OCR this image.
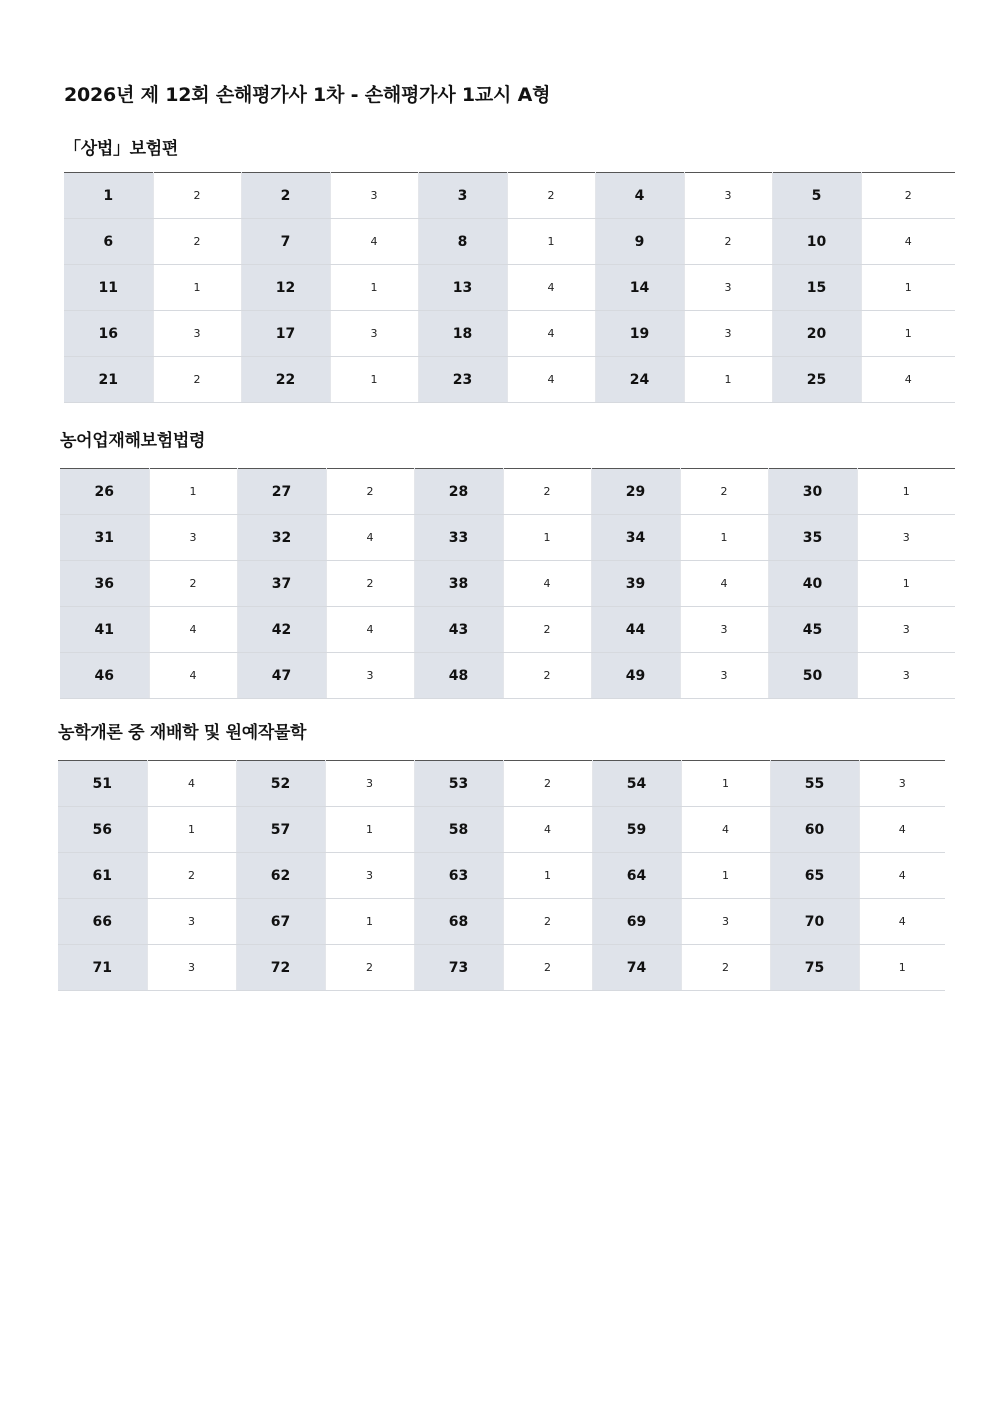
2026년 제 12회 손해평가사 1차 - 손해평가사 1교시 A형
「상법」보험편
1	2	2	3	3	2	4	3	5	2
6	2	7	4	8	1	9	2	10	4
11	1	12	1	13	4	14	3	15	1
16	3	17	3	18	4	19	3	20	1
21	2	22	1	23	4	24	1	25	4
농어업재해보험법령
26	1	27	2	28	2	29	2	30	1
31	3	32	4	33	1	34	1	35	3
36	2	37	2	38	4	39	4	40	1
41	4	42	4	43	2	44	3	45	3
46	4	47	3	48	2	49	3	50	3
농학개론 중 재배학 및 원예작물학
51	4	52	3	53	2	54	1	55	3
56	1	57	1	58	4	59	4	60	4
61	2	62	3	63	1	64	1	65	4
66	3	67	1	68	2	69	3	70	4
71	3	72	2	73	2	74	2	75	1
